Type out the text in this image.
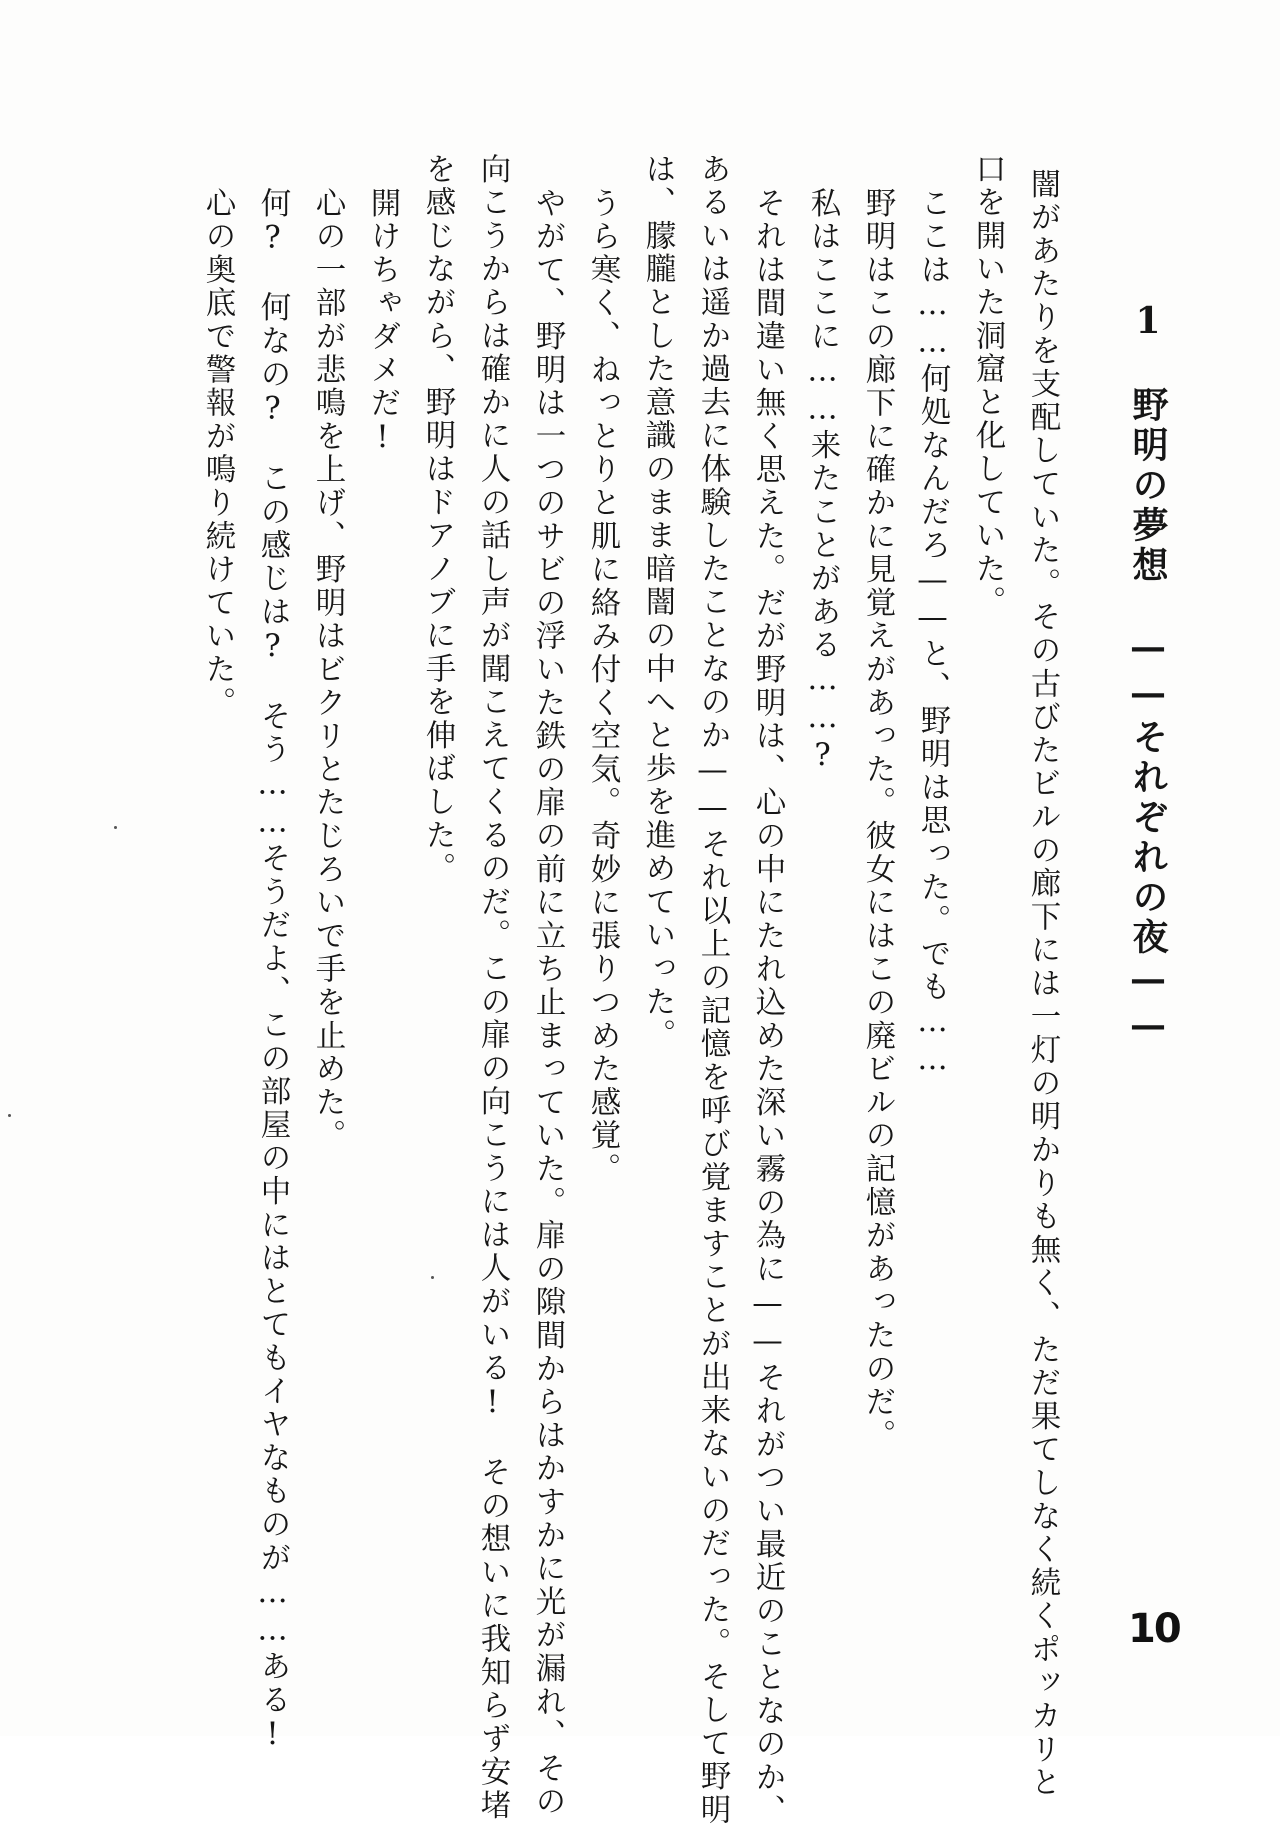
1　野明の夢想　——それぞれの夜——
闇があたりを支配していた。その古びたビルの廊下には一灯の明かりも無く、ただ果てしなく続くポッカリと
口を開いた洞窟と化していた。
ここは……何処なんだろ——と、野明は思った。でも……
野明はこの廊下に確かに見覚えがあった。彼女にはこの廃ビルの記憶があったのだ。
私はここに……来たことがある……?
それは間違い無く思えた。だが野明は、心の中にたれ込めた深い霧の為に——それがつい最近のことなのか、
あるいは遥か過去に体験したことなのか——それ以上の記憶を呼び覚ますことが出来ないのだった。そして野明
は、朦朧とした意識のまま暗闇の中へと歩を進めていった。
うら寒く、ねっとりと肌に絡み付く空気。奇妙に張りつめた感覚。
やがて、野明は一つのサビの浮いた鉄の扉の前に立ち止まっていた。扉の隙間からはかすかに光が漏れ、その
向こうからは確かに人の話し声が聞こえてくるのだ。この扉の向こうには人がいる!　その想いに我知らず安堵
を感じながら、野明はドアノブに手を伸ばした。
開けちゃダメだ!
心の一部が悲鳴を上げ、野明はビクリとたじろいで手を止めた。
何?　何なの?　この感じは?　そう……そうだよ、この部屋の中にはとてもイヤなものが……ある!
心の奥底で警報が鳴り続けていた。
10
